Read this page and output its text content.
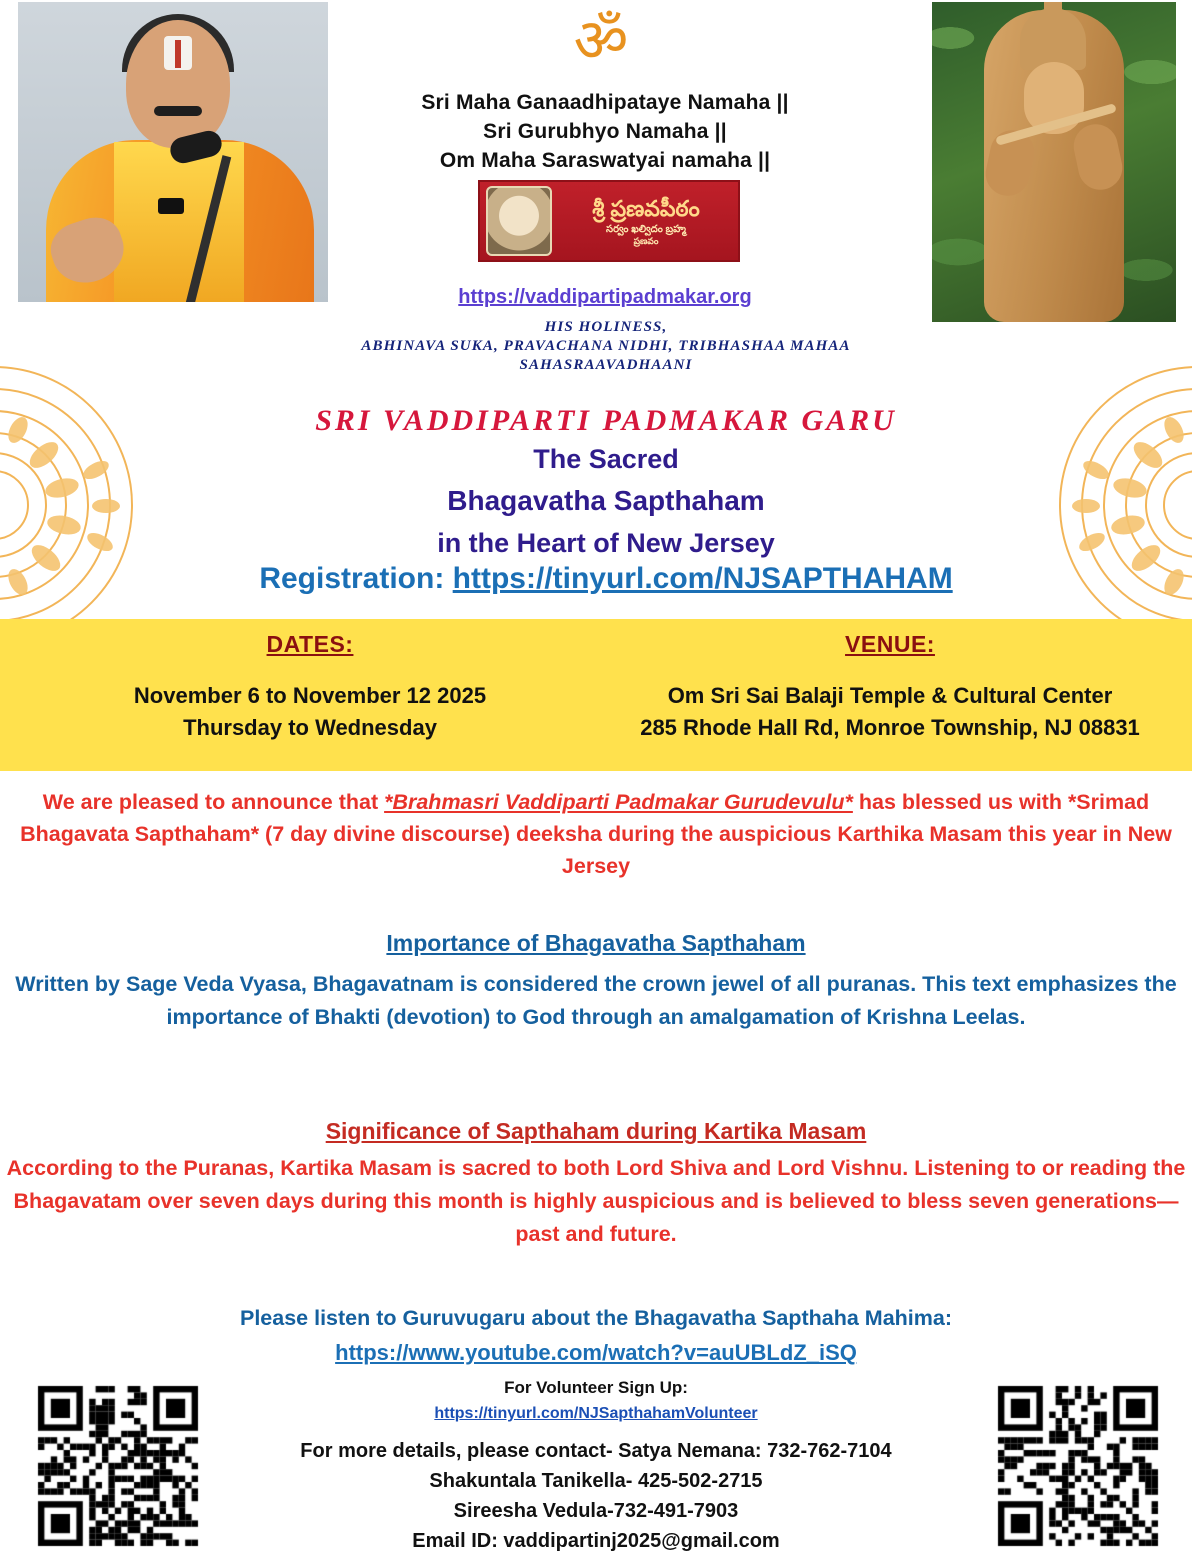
ॐ
Sri Maha Ganaadhipataye Namaha ||
Sri Gurubhyo Namaha ||
Om Maha Saraswatyai namaha ||
శ్రీ ప్రణవపీఠం
సర్వం ఖల్విదం బ్రహ్మ
ప్రణవం
https://vaddipartipadmakar.org
HIS HOLINESS,
ABHINAVA SUKA, PRAVACHANA NIDHI, TRIBHASHAA MAHAA
SAHASRAAVADHAANI
SRI VADDIPARTI PADMAKAR GARU
The Sacred
Bhagavatha Sapthaham
in the Heart of New Jersey
Registration: https://tinyurl.com/NJSAPTHAHAM
DATES:
November 6 to November 12 2025
Thursday to Wednesday
VENUE:
Om Sri Sai Balaji Temple & Cultural Center
285 Rhode Hall Rd, Monroe Township, NJ 08831
We are pleased to announce that *Brahmasri Vaddiparti Padmakar Gurudevulu* has blessed us with *Srimad Bhagavata Sapthaham* (7 day divine discourse) deeksha during the auspicious Karthika Masam this year in New Jersey
Importance of Bhagavatha Sapthaham
Written by Sage Veda Vyasa, Bhagavatnam is considered the crown jewel of all puranas. This text emphasizes the importance of Bhakti (devotion) to God through an amalgamation of Krishna Leelas.
Significance of Sapthaham during Kartika Masam
According to the Puranas, Kartika Masam is sacred to both Lord Shiva and Lord Vishnu. Listening to or reading the Bhagavatam over seven days during this month is highly auspicious and is believed to bless seven generations—past and future.
Please listen to Guruvugaru about the Bhagavatha Sapthaha Mahima:
https://www.youtube.com/watch?v=auUBLdZ_iSQ
For Volunteer Sign Up:
https://tinyurl.com/NJSapthahamVolunteer
For more details, please contact- Satya Nemana: 732-762-7104
Shakuntala Tanikella- 425-502-2715
Sireesha Vedula-732-491-7903
Email ID: vaddipartinj2025@gmail.com
